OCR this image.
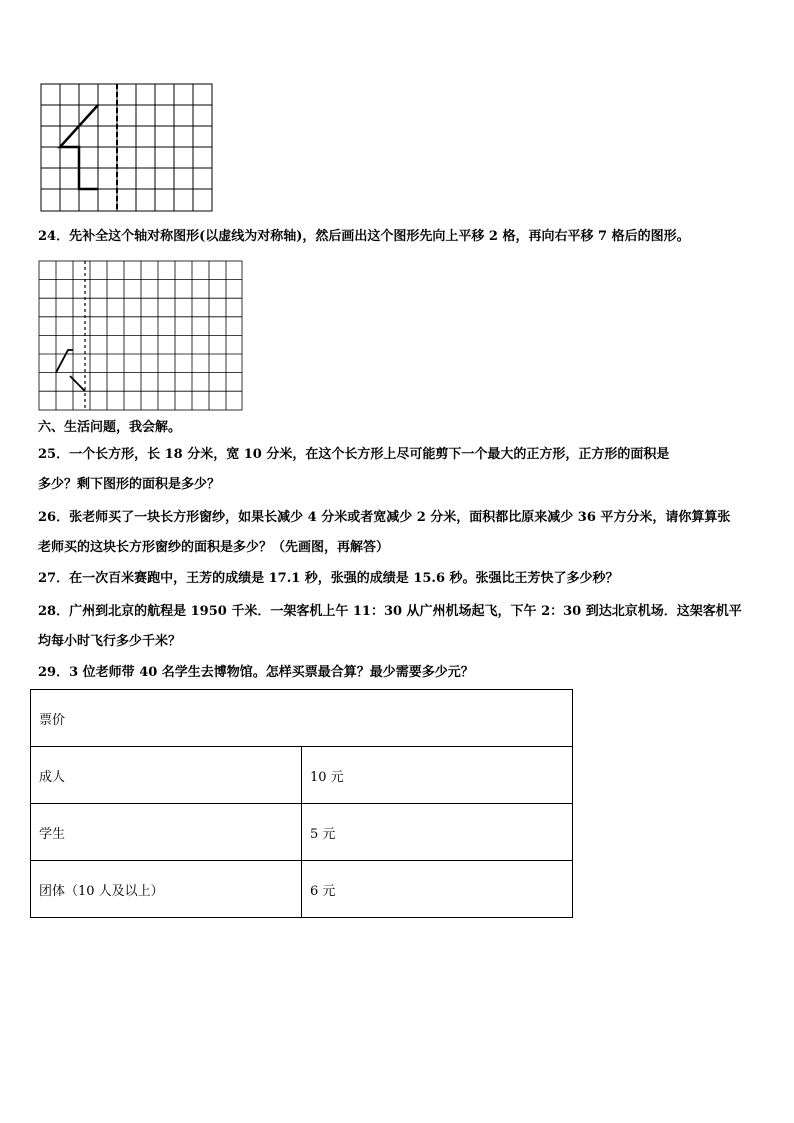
24．先补全这个轴对称图形(以虚线为对称轴)，然后画出这个图形先向上平移 2 格，再向右平移 7 格后的图形。
六、生活问题，我会解。
25．一个长方形，长 18 分米，宽 10 分米，在这个长方形上尽可能剪下一个最大的正方形，正方形的面积是
多少？剩下图形的面积是多少？
26．张老师买了一块长方形窗纱，如果长减少 4 分米或者宽减少 2 分米，面积都比原来减少 36 平方分米，请你算算张
老师买的这块长方形窗纱的面积是多少？（先画图，再解答）
27．在一次百米赛跑中，王芳的成绩是 17.1 秒，张强的成绩是 15.6 秒。张强比王芳快了多少秒？
28．广州到北京的航程是 1950 千米．一架客机上午 11：30 从广州机场起飞，下午 2：30 到达北京机场．这架客机平
均每小时飞行多少千米？
29．3 位老师带 40 名学生去博物馆。怎样买票最合算？最少需要多少元？
票价	
成人	10 元
学生	5 元
团体（10 人及以上）	6 元
